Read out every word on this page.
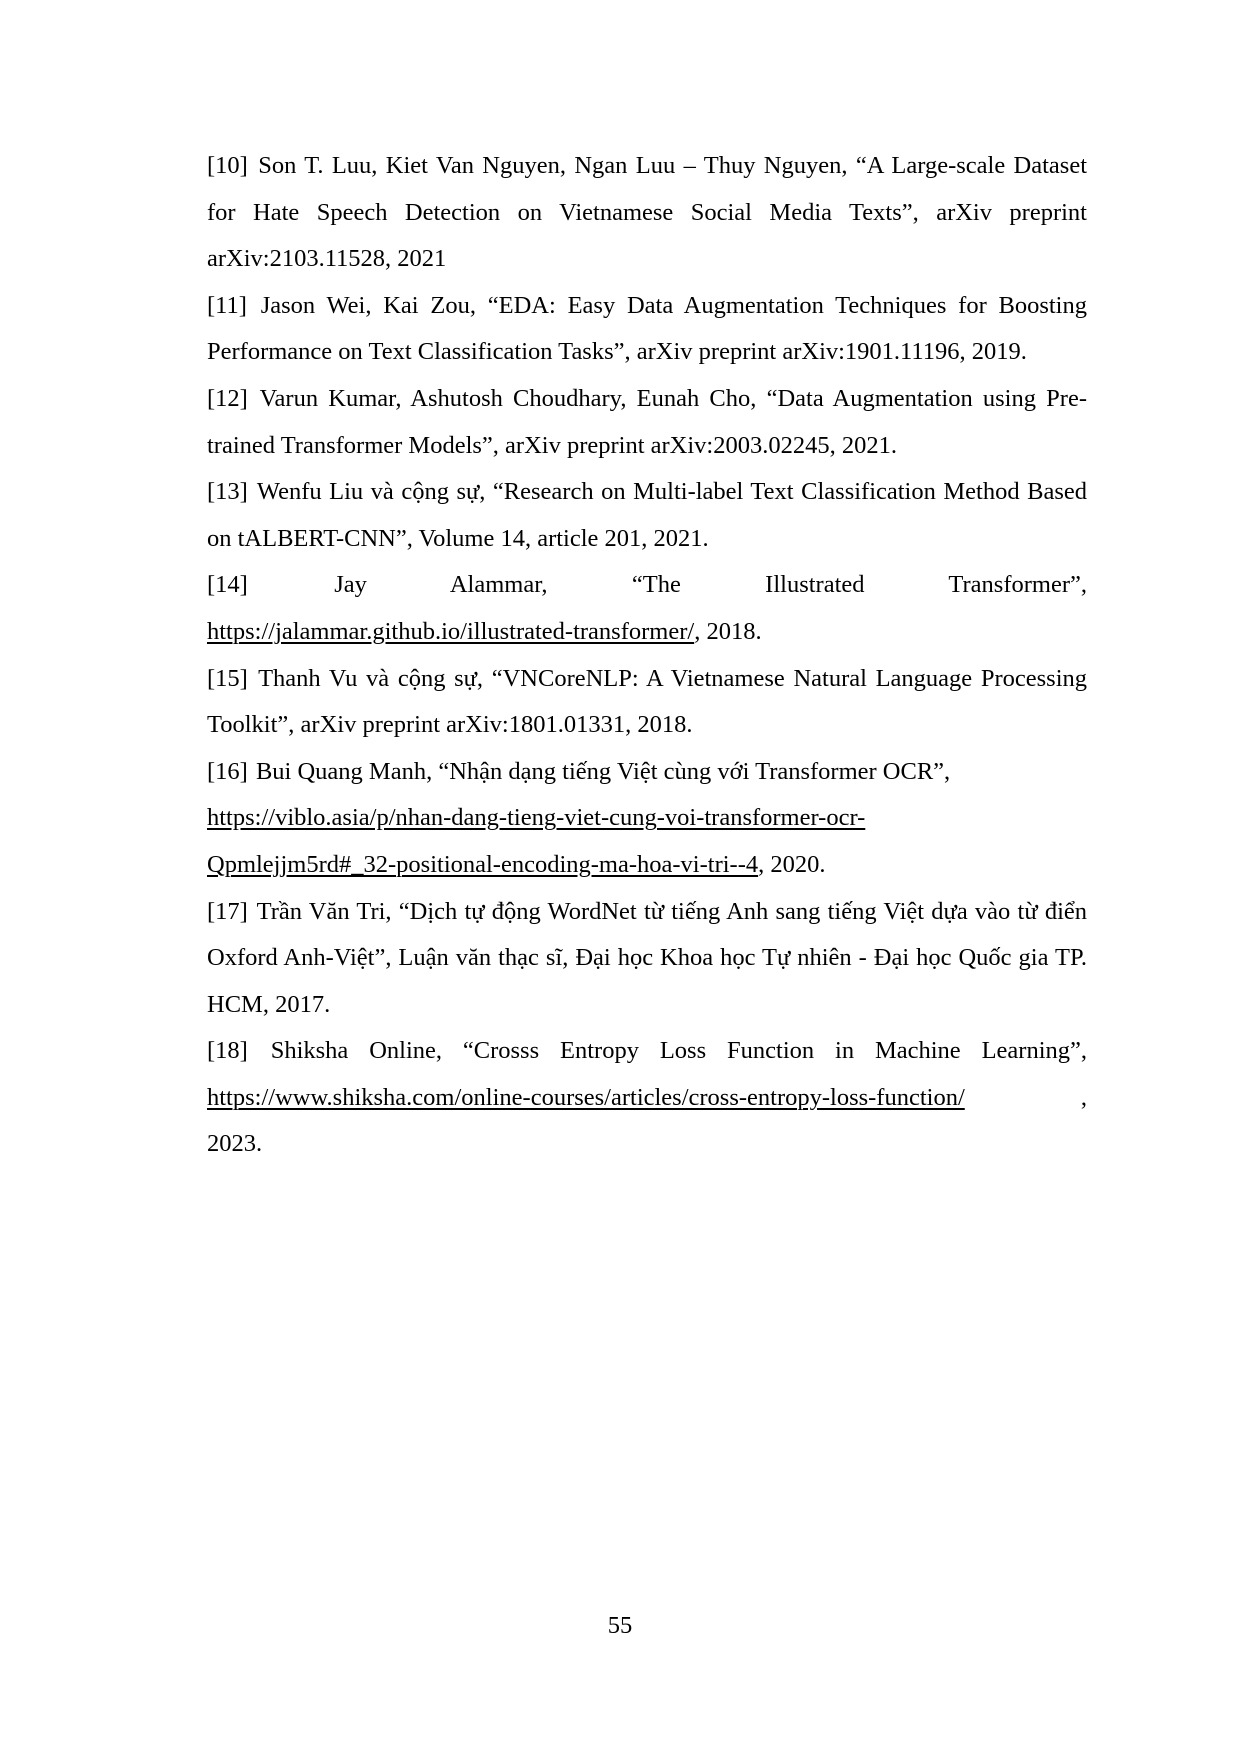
[10] Son T. Luu, Kiet Van Nguyen, Ngan Luu – Thuy Nguyen, “A Large-scale Dataset for Hate Speech Detection on Vietnamese Social Media Texts”, arXiv preprint arXiv:2103.11528, 2021
[11] Jason Wei, Kai Zou, “EDA: Easy Data Augmentation Techniques for Boosting Performance on Text Classification Tasks”, arXiv preprint arXiv:1901.11196, 2019.
[12] Varun Kumar, Ashutosh Choudhary, Eunah Cho, “Data Augmentation using Pre-trained Transformer Models”, arXiv preprint arXiv:2003.02245, 2021.
[13] Wenfu Liu và cộng sự, “Research on Multi-label Text Classification Method Based on tALBERT-CNN”, Volume 14, article 201, 2021.
[14]	Jay Alammar, “The Illustrated Transformer”,
https://jalammar.github.io/illustrated-transformer/, 2018.
[15] Thanh Vu và cộng sự, “VNCoreNLP: A Vietnamese Natural Language Processing Toolkit”, arXiv preprint arXiv:1801.01331, 2018.
[16] Bui Quang Manh, “Nhận dạng tiếng Việt cùng với Transformer OCR”,
https://viblo.asia/p/nhan-dang-tieng-viet-cung-voi-transformer-ocr-
Qpmlejjm5rd#_32-positional-encoding-ma-hoa-vi-tri--4, 2020.
[17] Trần Văn Tri, “Dịch tự động WordNet từ tiếng Anh sang tiếng Việt dựa vào từ điển Oxford Anh-Việt”, Luận văn thạc sĩ, Đại học Khoa học Tự nhiên - Đại học Quốc gia TP. HCM, 2017.
[18] Shiksha Online, “Crosss Entropy Loss Function in Machine Learning”,
https://www.shiksha.com/online-courses/articles/cross-entropy-loss-function/	,
2023.
55
